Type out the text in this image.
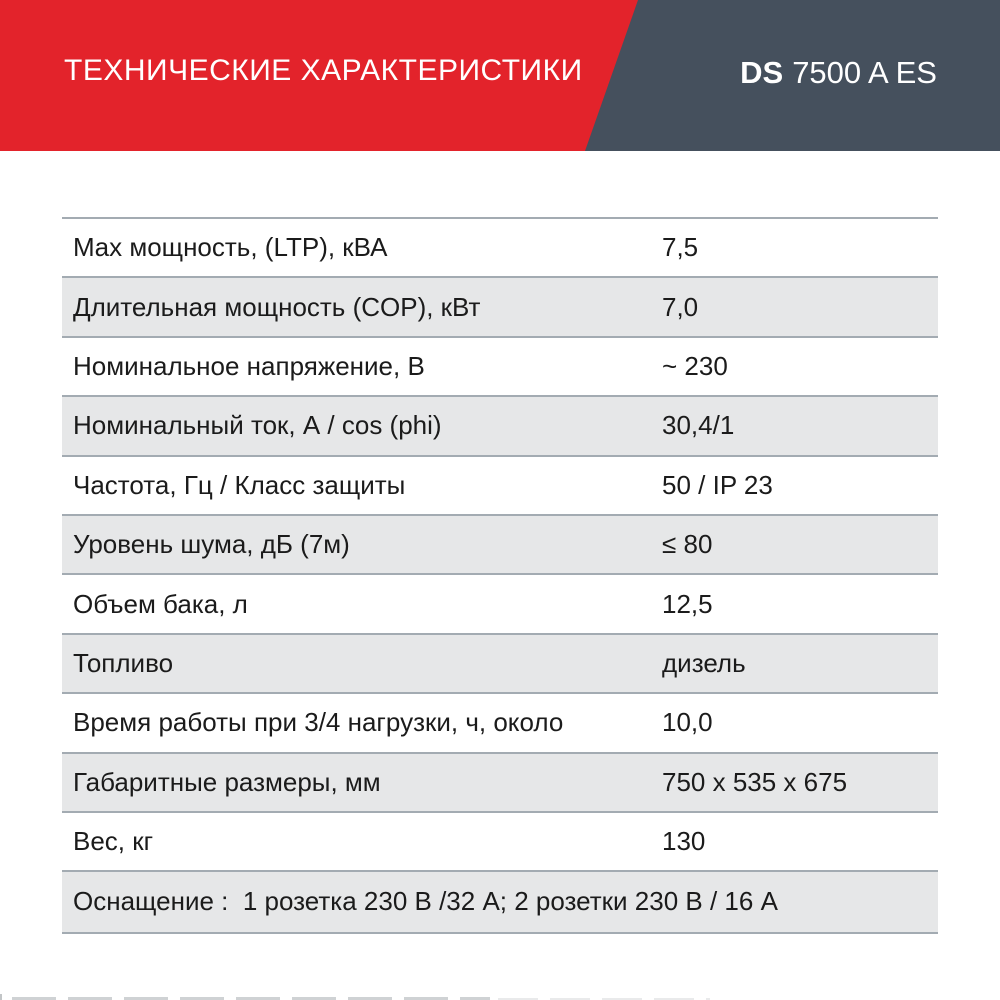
ТЕХНИЧЕСКИЕ ХАРАКТЕРИСТИКИ	DS 7500 A ES
Max мощность, (LTP), кВА	7,5
Длительная мощность (COP), кВт	7,0
Номинальное напряжение, В	~ 230
Номинальный ток, А / cos (phi)	30,4/1
Частота, Гц / Класс защиты	50 / IP 23
Уровень шума, дБ (7м)	≤ 80
Объем бака, л	12,5
Топливо	дизель
Время работы при 3/4 нагрузки, ч, около	10,0
Габаритные размеры, мм	750 x 535 x 675
Вес, кг	130
Оснащение :  1 розетка 230 В /32 А; 2 розетки 230 В / 16 А
